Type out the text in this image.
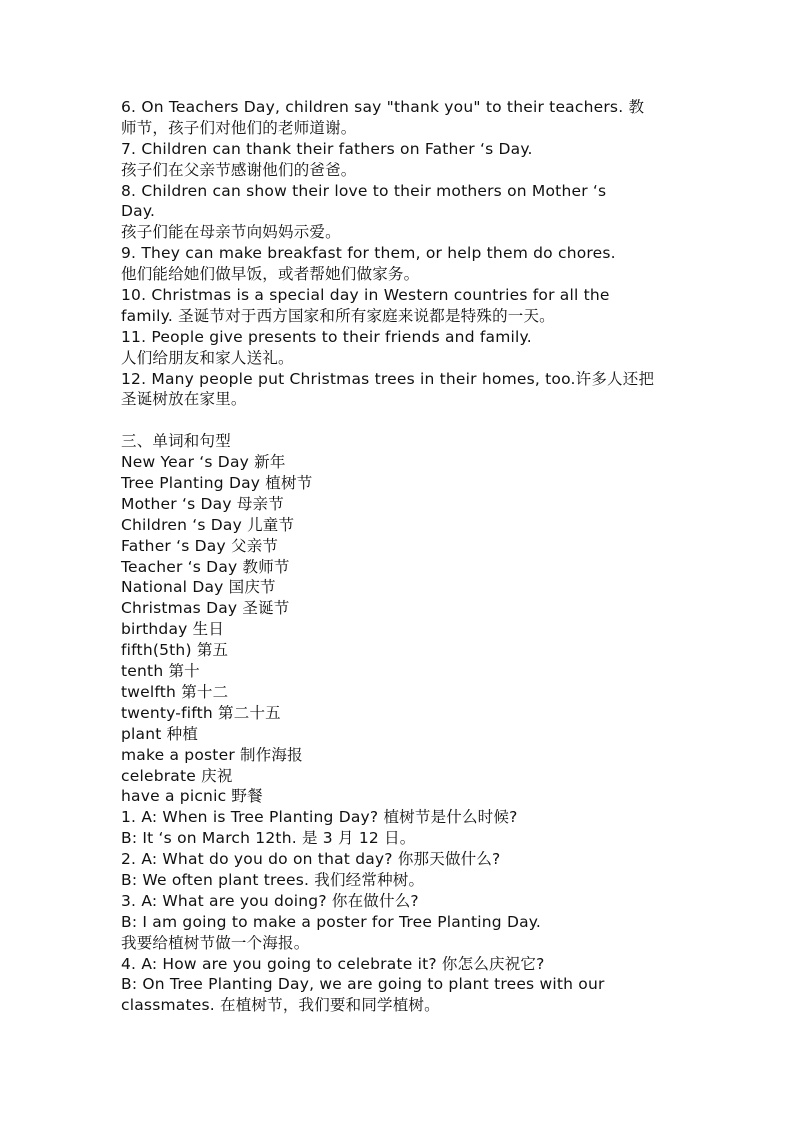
6. On Teachers Day, children say "thank you" to their teachers. 教
师节，孩子们对他们的老师道谢。
7. Children can thank their fathers on Father ‘s Day.
孩子们在父亲节感谢他们的爸爸。
8. Children can show their love to their mothers on Mother ‘s
Day.
孩子们能在母亲节向妈妈示爱。
9. They can make breakfast for them, or help them do chores.
他们能给她们做早饭，或者帮她们做家务。
10. Christmas is a special day in Western countries for all the
family. 圣诞节对于西方国家和所有家庭来说都是特殊的一天。
11. People give presents to their friends and family.
人们给朋友和家人送礼。
12. Many people put Christmas trees in their homes, too.许多人还把
圣诞树放在家里。
三、单词和句型
New Year ‘s Day 新年
Tree Planting Day 植树节
Mother ‘s Day 母亲节
Children ‘s Day 儿童节
Father ‘s Day 父亲节
Teacher ‘s Day 教师节
National Day 国庆节
Christmas Day 圣诞节
birthday 生日
fifth(5th) 第五
tenth 第十
twelfth 第十二
twenty-fifth 第二十五
plant 种植
make a poster 制作海报
celebrate 庆祝
have a picnic 野餐
1. A: When is Tree Planting Day? 植树节是什么时候?
B: It ‘s on March 12th. 是 3 月 12 日。
2. A: What do you do on that day? 你那天做什么?
B: We often plant trees. 我们经常种树。
3. A: What are you doing? 你在做什么?
B: I am going to make a poster for Tree Planting Day.
我要给植树节做一个海报。
4. A: How are you going to celebrate it? 你怎么庆祝它?
B: On Tree Planting Day, we are going to plant trees with our
classmates. 在植树节，我们要和同学植树。
